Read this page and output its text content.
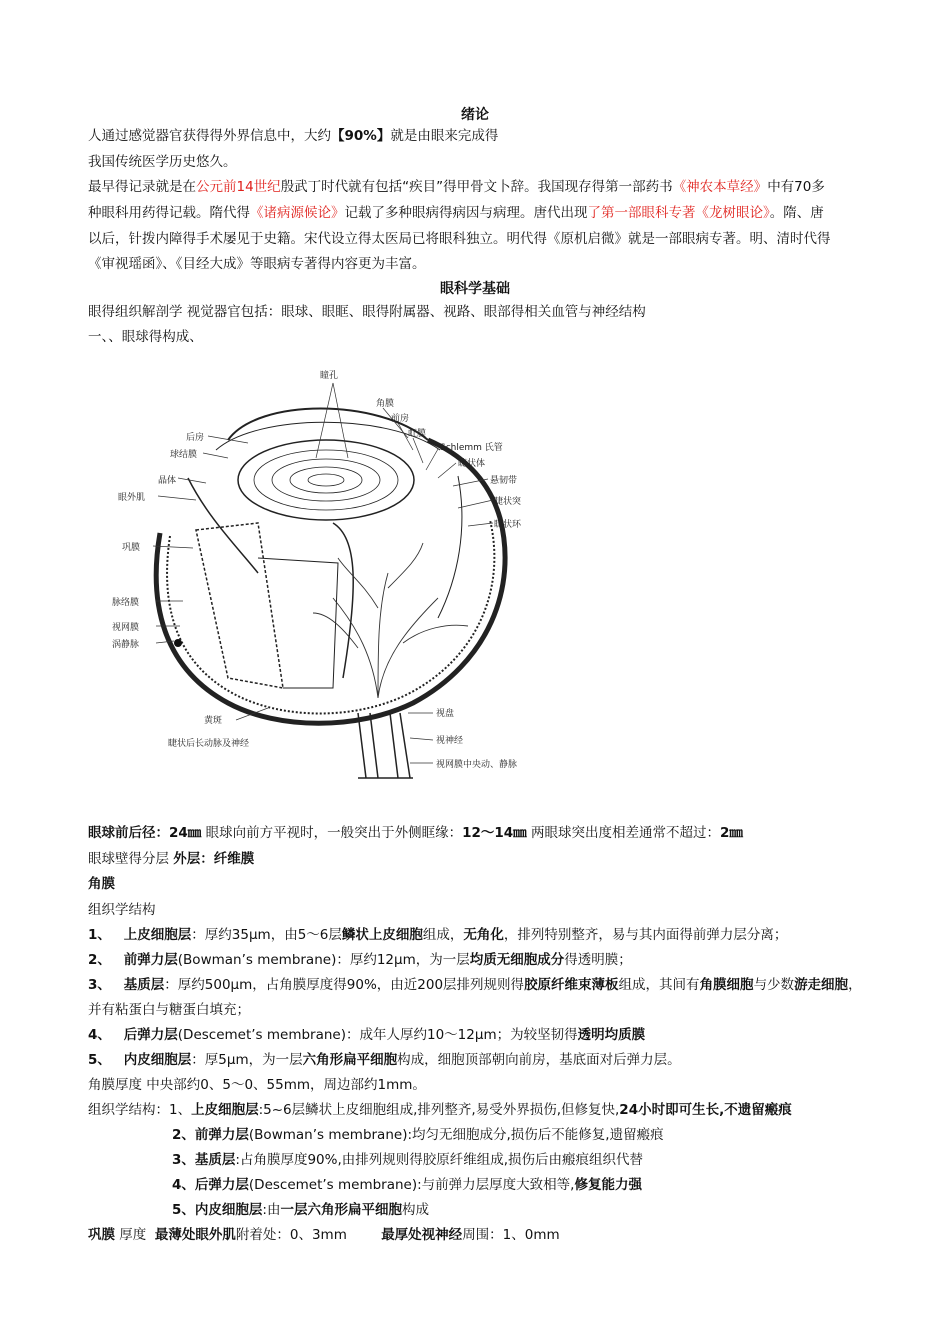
绪论
人通过感觉器官获得得外界信息中，大约【90%】就是由眼来完成得
我国传统医学历史悠久。
最早得记录就是在公元前14世纪殷武丁时代就有包括“疾目”得甲骨文卜辞。我国现存得第一部药书《神农本草经》中有70多
种眼科用药得记载。隋代得《诸病源候论》记载了多种眼病得病因与病理。唐代出现了第一部眼科专著《龙树眼论》。隋、唐
以后，针拨内障得手术屡见于史籍。宋代设立得太医局已将眼科独立。明代得《原机启微》就是一部眼病专著。明、清时代得
《审视瑶函》、《目经大成》等眼病专著得内容更为丰富。
眼科学基础
眼得组织解剖学 视觉器官包括：眼球、眼眶、眼得附属器、视路、眼部得相关血管与神经结构
一、、眼球得构成、
瞳孔
角膜
前房
虹膜
Schlemm 氏管
睫状体
悬韧带
睫状突
睫状环
后房
球结膜
晶体
眼外肌
巩膜
脉络膜
视网膜
涡静脉
黄斑
睫状后长动脉及神经
视盘
视神经
视网膜中央动、静脉
眼球前后径：24㎜ 眼球向前方平视时，一般突出于外侧眶缘：12～14㎜ 两眼球突出度相差通常不超过：2㎜
眼球壁得分层 外层：纤维膜
角膜
组织学结构
1、 上皮细胞层：厚约35μm，由5～6层鳞状上皮细胞组成，无角化，排列特别整齐，易与其内面得前弹力层分离；
2、 前弹力层(Bowman’s membrane)：厚约12μm，为一层均质无细胞成分得透明膜；
3、 基质层：厚约500μm，占角膜厚度得90%，由近200层排列规则得胶原纤维束薄板组成，其间有角膜细胞与少数游走细胞，
并有粘蛋白与糖蛋白填充；
4、 后弹力层(Descemet’s membrane)：成年人厚约10～12μm；为较坚韧得透明均质膜
5、 内皮细胞层：厚5μm，为一层六角形扁平细胞构成，细胞顶部朝向前房，基底面对后弹力层。
角膜厚度 中央部约0、5～0、55mm，周边部约1mm。
组织学结构：1、上皮细胞层:5~6层鳞状上皮细胞组成,排列整齐,易受外界损伤,但修复快,24小时即可生长,不遗留瘢痕
2、前弹力层(Bowman’s membrane):均匀无细胞成分,损伤后不能修复,遗留瘢痕
3、基质层:占角膜厚度90%,由排列规则得胶原纤维组成,损伤后由瘢痕组织代替
4、后弹力层(Descemet’s membrane):与前弹力层厚度大致相等,修复能力强
5、内皮细胞层:由一层六角形扁平细胞构成
巩膜 厚度  最薄处眼外肌附着处：0、3mm        最厚处视神经周围：1、0mm
